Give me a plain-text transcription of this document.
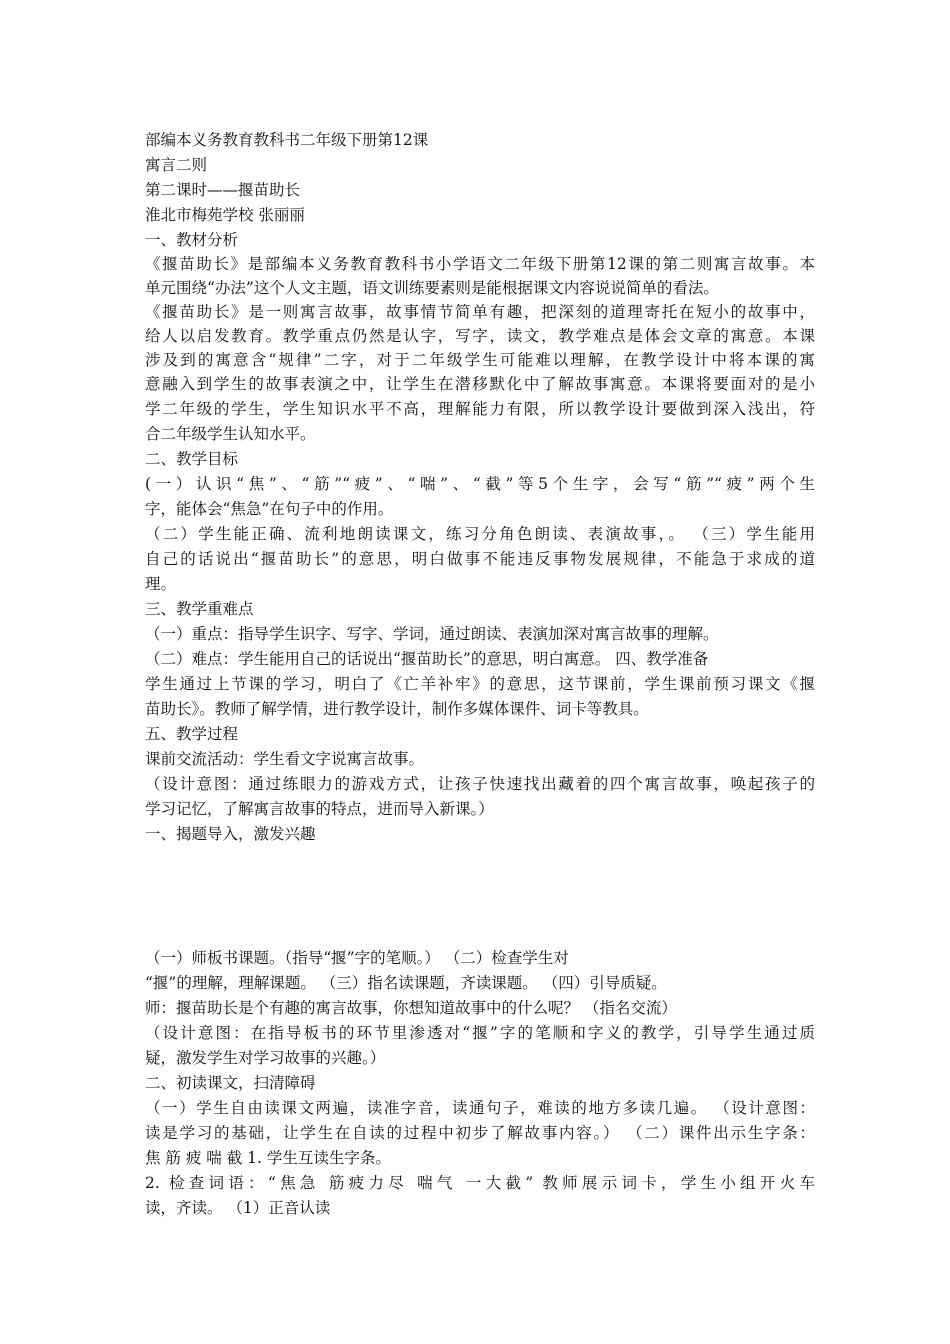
部编本义务教育教科书二年级下册第12课
寓言二则
第二课时——揠苗助长
淮北市梅苑学校 张丽丽
一、教材分析
《揠苗助长》是部编本义务教育教科书小学语文二年级下册第12课的第二则寓言故事。本
单元围绕“办法”这个人文主题，语文训练要素则是能根据课文内容说说简单的看法。
《揠苗助长》是一则寓言故事，故事情节简单有趣，把深刻的道理寄托在短小的故事中，
给人以启发教育。教学重点仍然是认字，写字，读文，教学难点是体会文章的寓意。本课
涉及到的寓意含“规律”二字，对于二年级学生可能难以理解，在教学设计中将本课的寓
意融入到学生的故事表演之中，让学生在潜移默化中了解故事寓意。本课将要面对的是小
学二年级的学生，学生知识水平不高，理解能力有限，所以教学设计要做到深入浅出，符
合二年级学生认知水平。
二、教学目标
(一）认识“焦”、“筋”“疲”、“喘”、“截”等5个生字，会写“筋”“疲”两个生
字，能体会“焦急”在句子中的作用。
（二）学生能正确、流利地朗读课文，练习分角色朗读、表演故事，。 （三）学生能用
自己的话说出“揠苗助长”的意思，明白做事不能违反事物发展规律，不能急于求成的道
理。
三、教学重难点
（一）重点：指导学生识字、写字、学词，通过朗读、表演加深对寓言故事的理解。
（二）难点：学生能用自己的话说出“揠苗助长”的意思，明白寓意。 四、教学准备
学生通过上节课的学习，明白了《亡羊补牢》的意思，这节课前，学生课前预习课文《揠
苗助长》。教师了解学情，进行教学设计，制作多媒体课件、词卡等教具。
五、教学过程
课前交流活动：学生看文字说寓言故事。
（设计意图：通过练眼力的游戏方式，让孩子快速找出藏着的四个寓言故事，唤起孩子的
学习记忆，了解寓言故事的特点，进而导入新课。）
一、揭题导入，激发兴趣
（一）师板书课题。（指导“揠”字的笔顺。） （二）检查学生对
“揠”的理解，理解课题。 （三）指名读课题，齐读课题。 （四）引导质疑。
师：揠苗助长是个有趣的寓言故事，你想知道故事中的什么呢？ （指名交流）
（设计意图：在指导板书的环节里渗透对“揠”字的笔顺和字义的教学，引导学生通过质
疑，激发学生对学习故事的兴趣。）
二、初读课文，扫清障碍
（一）学生自由读课文两遍，读准字音，读通句子，难读的地方多读几遍。 （设计意图：
读是学习的基础，让学生在自读的过程中初步了解故事内容。） （二）课件出示生字条：
焦 筋 疲 喘 截 1. 学生互读生字条。
2. 检查词语：“焦急 筋疲力尽 喘气 一大截” 教师展示词卡，学生小组开火车
读，齐读。 （1）正音认读
